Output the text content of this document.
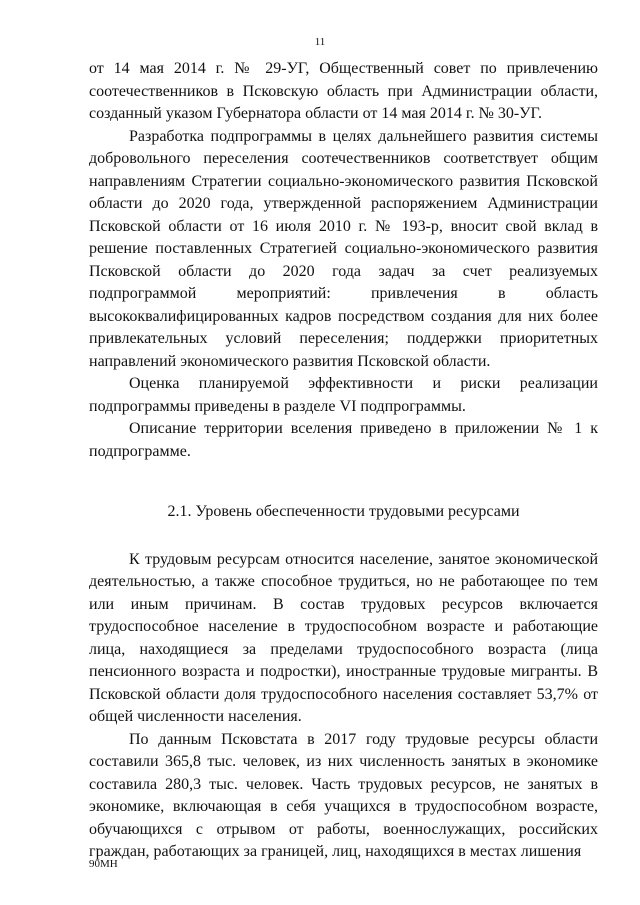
11

от 14 мая 2014 г. № 29-УГ, Общественный совет по привлечению соотечественников в Псковскую область при Администрации области, созданный указом Губернатора области от 14 мая 2014 г. № 30-УГ.

Разработка подпрограммы в целях дальнейшего развития системы добровольного переселения соотечественников соответствует общим направлениям Стратегии социально-экономического развития Псковской области до 2020 года, утвержденной распоряжением Администрации Псковской области от 16 июля 2010 г. № 193-р, вносит свой вклад в решение поставленных Стратегией социально-экономического развития Псковской области до 2020 года задач за счет реализуемых подпрограммой мероприятий: привлечения в область высококвалифицированных кадров посредством создания для них более привлекательных условий переселения; поддержки приоритетных направлений экономического развития Псковской области.

Оценка планируемой эффективности и риски реализации подпрограммы приведены в разделе VI подпрограммы.

Описание территории вселения приведено в приложении № 1 к подпрограмме.

2.1. Уровень обеспеченности трудовыми ресурсами

К трудовым ресурсам относится население, занятое экономической деятельностью, а также способное трудиться, но не работающее по тем или иным причинам. В состав трудовых ресурсов включается трудоспособное население в трудоспособном возрасте и работающие лица, находящиеся за пределами трудоспособного возраста (лица пенсионного возраста и подростки), иностранные трудовые мигранты. В Псковской области доля трудоспособного населения составляет 53,7% от общей численности населения.

По данным Псковстата в 2017 году трудовые ресурсы области составили 365,8 тыс. человек, из них численность занятых в экономике составила 280,3 тыс. человек. Часть трудовых ресурсов, не занятых в экономике, включающая в себя учащихся в трудоспособном возрасте, обучающихся с отрывом от работы, военнослужащих, российских граждан, работающих за границей, лиц, находящихся в местах лишения

90МН
